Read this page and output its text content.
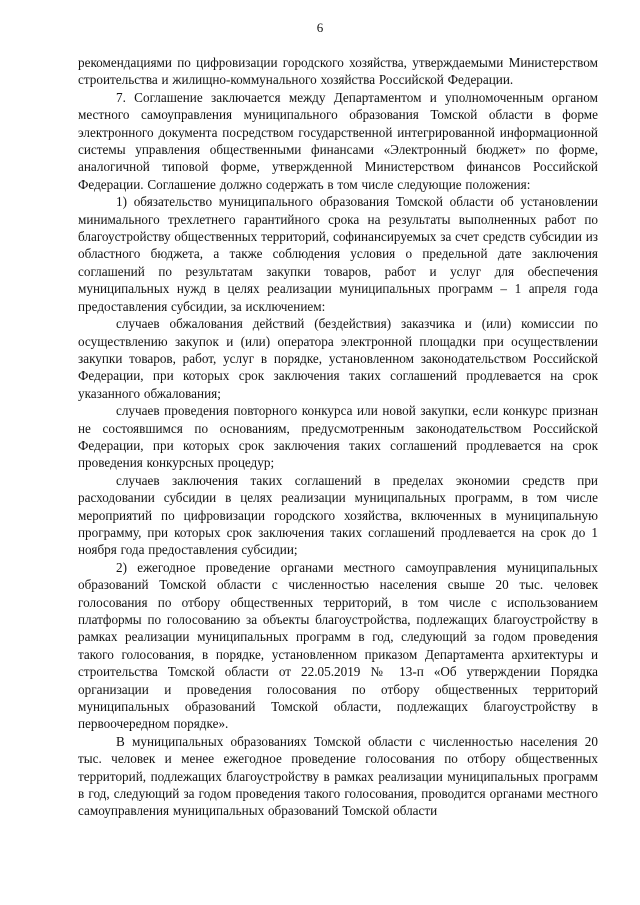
6

рекомендациями по цифровизации городского хозяйства, утверждаемыми Министерством строительства и жилищно-коммунального хозяйства Российской Федерации.

7. Соглашение заключается между Департаментом и уполномоченным органом местного самоуправления муниципального образования Томской области в форме электронного документа посредством государственной интегрированной информационной системы управления общественными финансами «Электронный бюджет» по форме, аналогичной типовой форме, утвержденной Министерством финансов Российской Федерации. Соглашение должно содержать в том числе следующие положения:

1) обязательство муниципального образования Томской области об установлении минимального трехлетнего гарантийного срока на результаты выполненных работ по благоустройству общественных территорий, софинансируемых за счет средств субсидии из областного бюджета, а также соблюдения условия о предельной дате заключения соглашений по результатам закупки товаров, работ и услуг для обеспечения муниципальных нужд в целях реализации муниципальных программ – 1 апреля года предоставления субсидии, за исключением:

случаев обжалования действий (бездействия) заказчика и (или) комиссии по осуществлению закупок и (или) оператора электронной площадки при осуществлении закупки товаров, работ, услуг в порядке, установленном законодательством Российской Федерации, при которых срок заключения таких соглашений продлевается на срок указанного обжалования;

случаев проведения повторного конкурса или новой закупки, если конкурс признан не состоявшимся по основаниям, предусмотренным законодательством Российской Федерации, при которых срок заключения таких соглашений продлевается на срок проведения конкурсных процедур;

случаев заключения таких соглашений в пределах экономии средств при расходовании субсидии в целях реализации муниципальных программ, в том числе мероприятий по цифровизации городского хозяйства, включенных в муниципальную программу, при которых срок заключения таких соглашений продлевается на срок до 1 ноября года предоставления субсидии;

2) ежегодное проведение органами местного самоуправления муниципальных образований Томской области с численностью населения свыше 20 тыс. человек голосования по отбору общественных территорий, в том числе с использованием платформы по голосованию за объекты благоустройства, подлежащих благоустройству в рамках реализации муниципальных программ в год, следующий за годом проведения такого голосования, в порядке, установленном приказом Департамента архитектуры и строительства Томской области от 22.05.2019 № 13-п «Об утверждении Порядка организации и проведения голосования по отбору общественных территорий муниципальных образований Томской области, подлежащих благоустройству в первоочередном порядке».

В муниципальных образованиях Томской области с численностью населения 20 тыс. человек и менее ежегодное проведение голосования по отбору общественных территорий, подлежащих благоустройству в рамках реализации муниципальных программ в год, следующий за годом проведения такого голосования, проводится органами местного самоуправления муниципальных образований Томской области
